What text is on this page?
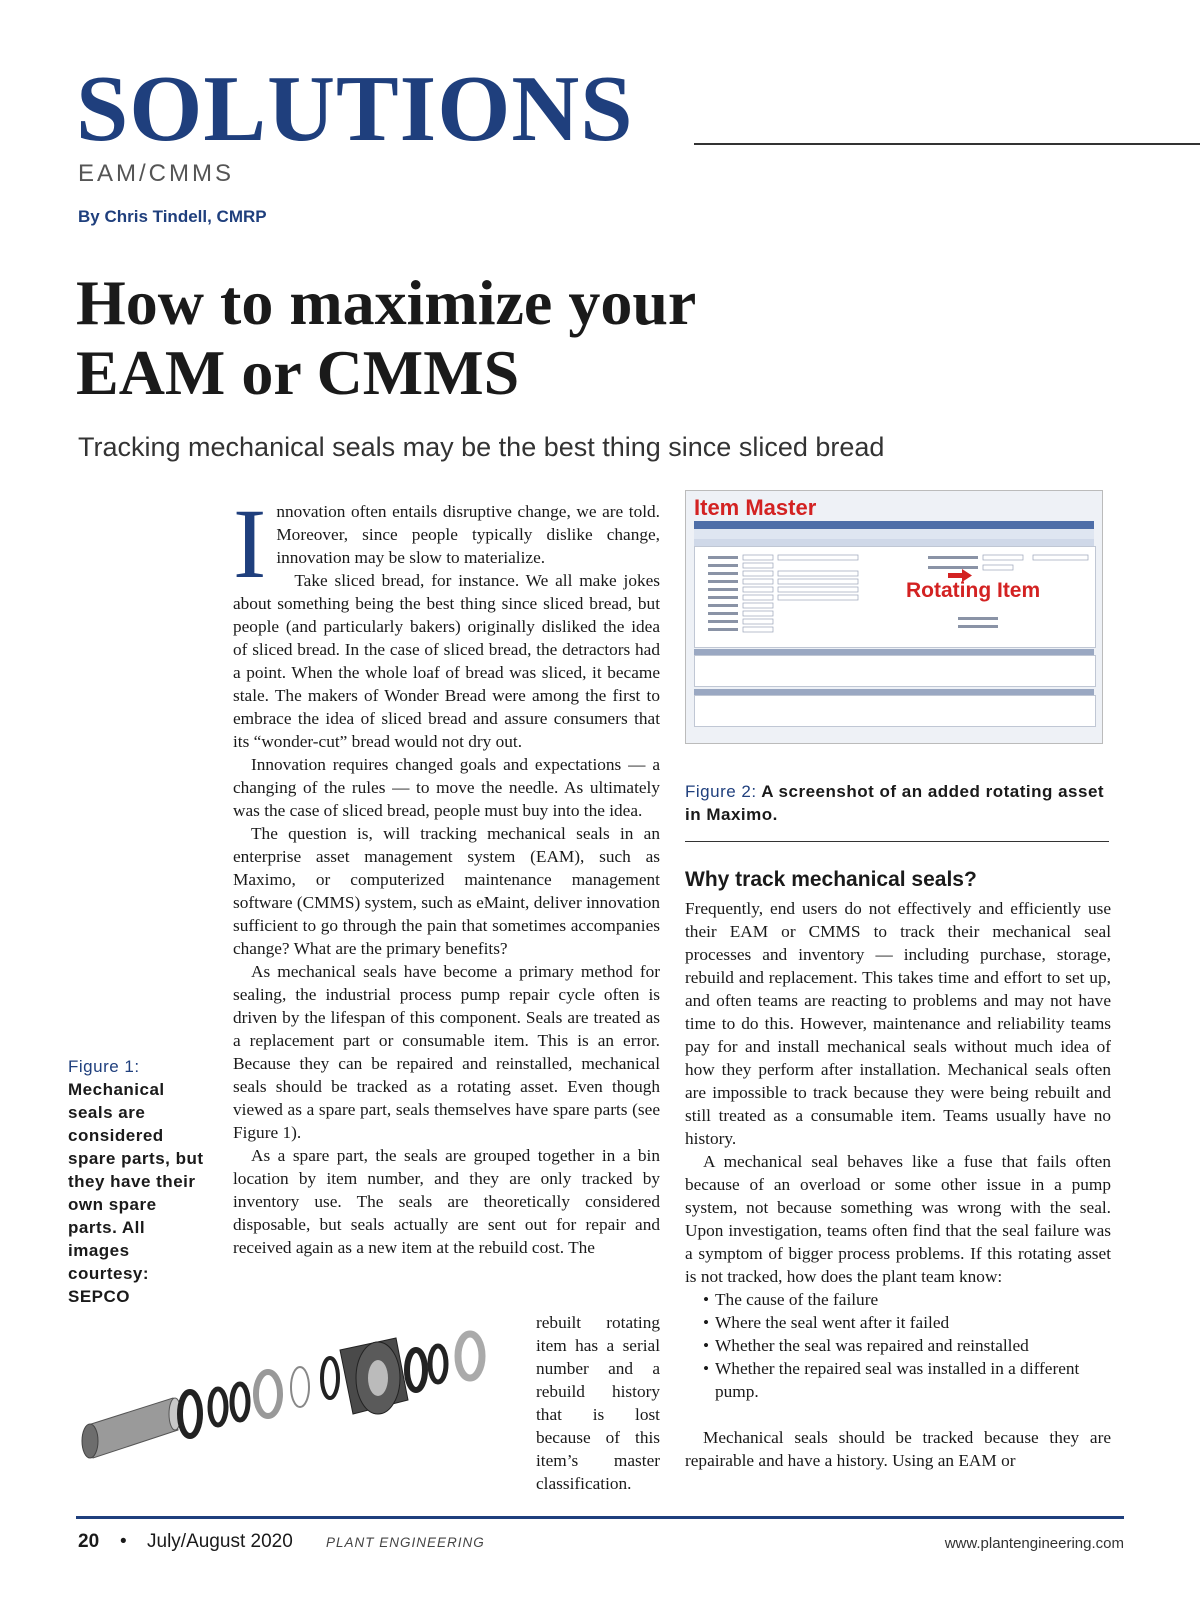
SOLUTIONS
EAM/CMMS
By Chris Tindell, CMRP
How to maximize your
EAM or CMMS
Tracking mechanical seals may be the best thing since sliced bread
I nnovation often entails disruptive change, we are told. Moreover, since people typically dislike change, innovation may be slow to materialize.

Take sliced bread, for instance. We all make jokes about something being the best thing since sliced bread, but people (and particularly bakers) originally disliked the idea of sliced bread. In the case of sliced bread, the detractors had a point. When the whole loaf of bread was sliced, it became stale. The makers of Wonder Bread were among the first to embrace the idea of sliced bread and assure consumers that its “wonder-cut” bread would not dry out.

Innovation requires changed goals and expectations — a changing of the rules — to move the needle. As ultimately was the case of sliced bread, people must buy into the idea.

The question is, will tracking mechanical seals in an enterprise asset management system (EAM), such as Maximo, or computerized maintenance management software (CMMS) system, such as eMaint, deliver innovation sufficient to go through the pain that sometimes accompanies change? What are the primary benefits?

As mechanical seals have become a primary method for sealing, the industrial process pump repair cycle often is driven by the lifespan of this component. Seals are treated as a replacement part or consumable item. This is an error. Because they can be repaired and reinstalled, mechanical seals should be tracked as a rotating asset. Even though viewed as a spare part, seals themselves have spare parts (see Figure 1).

As a spare part, the seals are grouped together in a bin location by item number, and they are only tracked by inventory use. The seals are theoretically considered disposable, but seals actually are sent out for repair and received again as a new item at the rebuild cost. The

rebuilt rotating item has a serial number and a rebuild history that is lost because of this item’s master classification.
Figure 1:
Mechanical seals are considered spare parts, but they have their own spare parts. All images courtesy: SEPCO
Item Master
Rotating Item
Figure 2: A screenshot of an added rotating asset in Maximo.
Why track mechanical seals?

Frequently, end users do not effectively and efficiently use their EAM or CMMS to track their mechanical seal processes and inventory — including purchase, storage, rebuild and replacement. This takes time and effort to set up, and often teams are reacting to problems and may not have time to do this. However, maintenance and reliability teams pay for and install mechanical seals without much idea of how they perform after installation. Mechanical seals often are impossible to track because they were being rebuilt and still treated as a consumable item. Teams usually have no history.

A mechanical seal behaves like a fuse that fails often because of an overload or some other issue in a pump system, not because something was wrong with the seal. Upon investigation, teams often find that the seal failure was a symptom of bigger process problems. If this rotating asset is not tracked, how does the plant team know:

• The cause of the failure
• Where the seal went after it failed
• Whether the seal was repaired and reinstalled
• Whether the repaired seal was installed in a different pump.

Mechanical seals should be tracked because they are repairable and have a history. Using an EAM or

20 • July/August 2020 PLANT ENGINEERING	www.plantengineering.com
